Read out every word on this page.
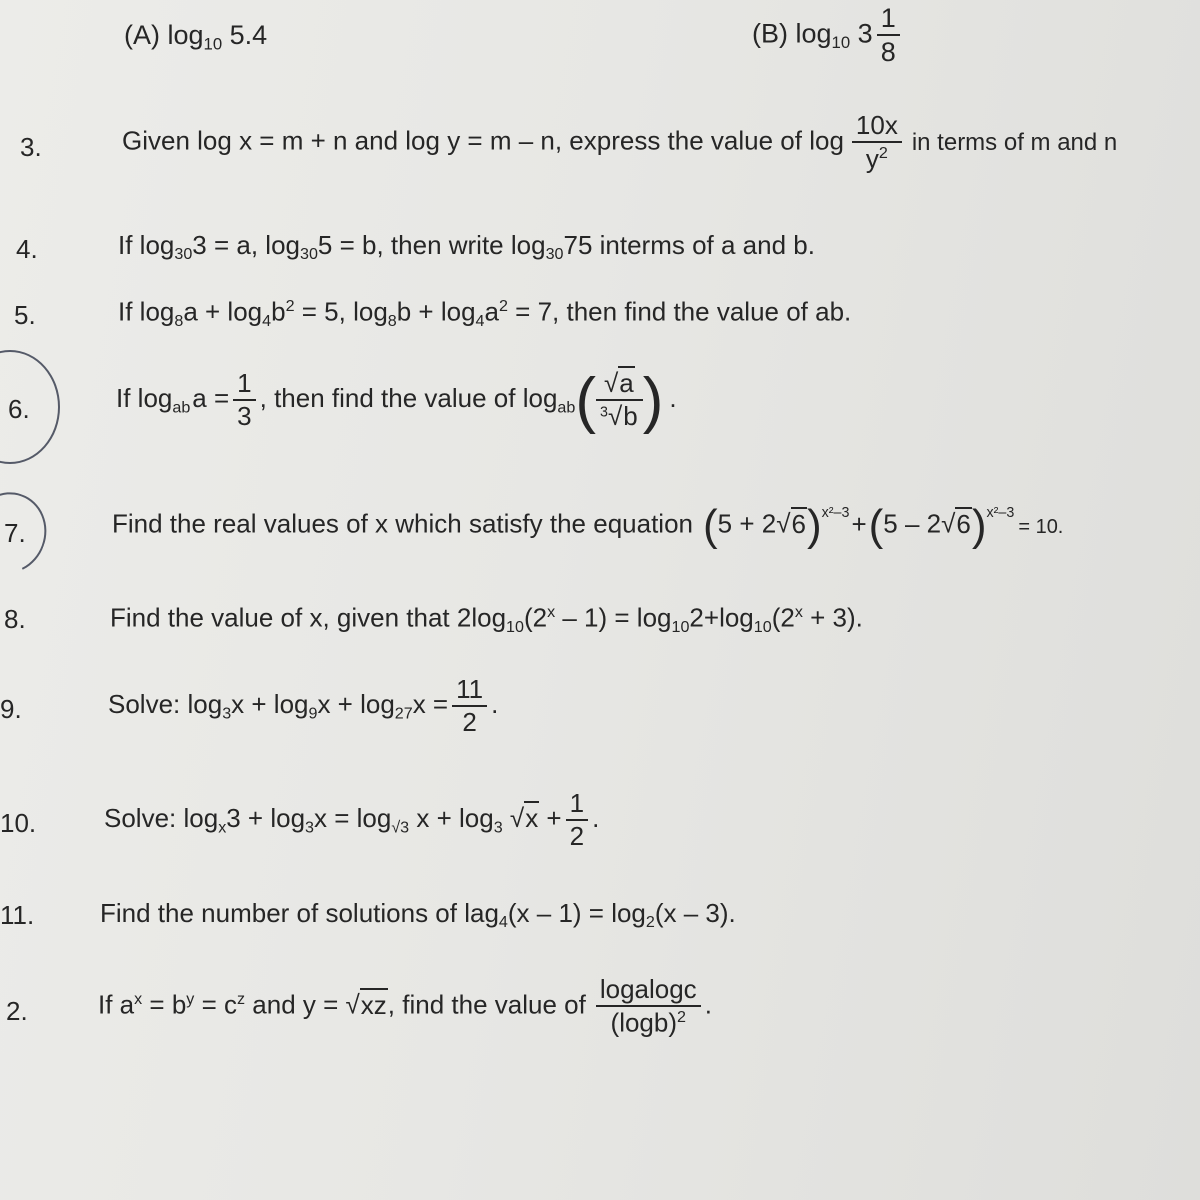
(A) $\log_{10} 5.4$	(B) $\log_{10} 3 \frac{1}{8}$
3.	Given log x = m + n and log y = m – n, express the value of $\log \frac{10x}{y^2}$ in terms of m and n
4.	If $\log_{30}3 = a$, $\log_{30}5 = b$, then write $\log_{30}75$ interms of a and b.
5.	If $\log_8a + \log_4b^2 = 5$, $\log_8b + \log_4a^2 = 7$, then find the value of ab.
6.	If $\log_{ab}a = \frac{1}{3}$ , then find the value of $\log_{ab}( \frac{√a}{^3√b}$ ) .
7.	Find the real values of x which satisfy the equation $(5 + 2√6)^{x^2-3}+(5 - 2√6)^{x^2-3}= 10$.
8.	Find the value of x, given that $2\log_{10}(2^x - 1) = \log_{10}2+\log_{10}(2^x + 3)$.
9.	Solve: $\log_3x + \log_9x + \log_{27}x = \frac{11}{2}$ .
10.	Solve: $\log_x3 + \log_3x = \log_{√3} x + \log_3 √x + \frac{1}{2}$ .
11.	Find the number of solutions of $lag_4(x - 1) = \log_2(x - 3)$.
2.	If $a^x = b^y = c^z$ and y = √xz, find the value of $\frac{\text{logalogc}}{(\log b)^2}$ .
